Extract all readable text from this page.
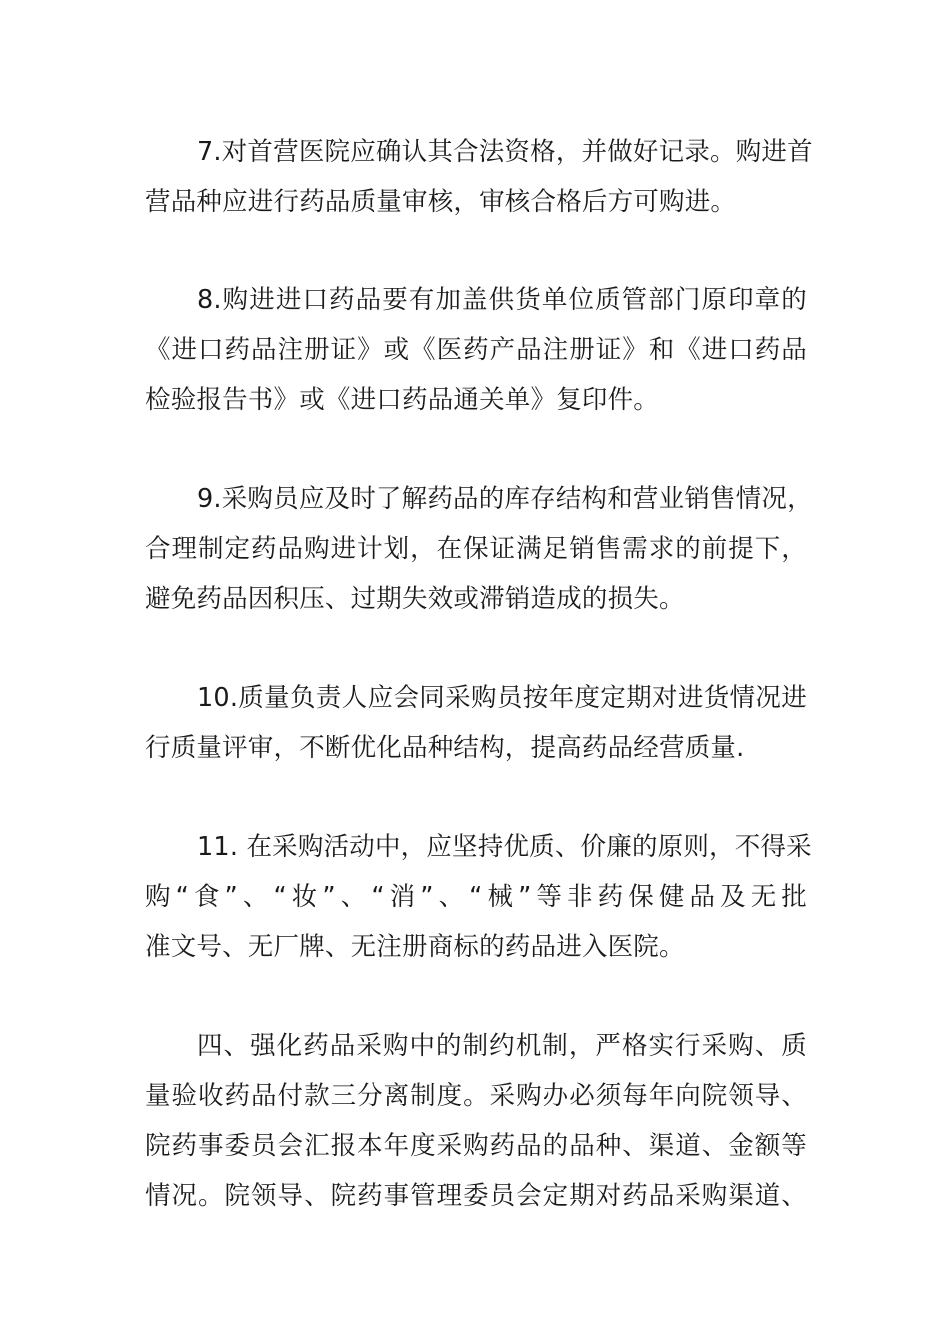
7.对首营医院应确认其合法资格，并做好记录。购进首
营品种应进行药品质量审核，审核合格后方可购进。
8.购进进口药品要有加盖供货单位质管部门原印章的
《进口药品注册证》或《医药产品注册证》和《进口药品
检验报告书》或《进口药品通关单》复印件。
9.采购员应及时了解药品的库存结构和营业销售情况，
合理制定药品购进计划，在保证满足销售需求的前提下，
避免药品因积压、过期失效或滞销造成的损失。
10.质量负责人应会同采购员按年度定期对进货情况进
行质量评审，不断优化品种结构，提高药品经营质量.
11. 在采购活动中，应坚持优质、价廉的原则，不得采
购“食”、“妆”、“消”、“械”等非药保健品及无批
准文号、无厂牌、无注册商标的药品进入医院。
四、强化药品采购中的制约机制，严格实行采购、质
量验收药品付款三分离制度。采购办必须每年向院领导、
院药事委员会汇报本年度采购药品的品种、渠道、金额等
情况。院领导、院药事管理委员会定期对药品采购渠道、
